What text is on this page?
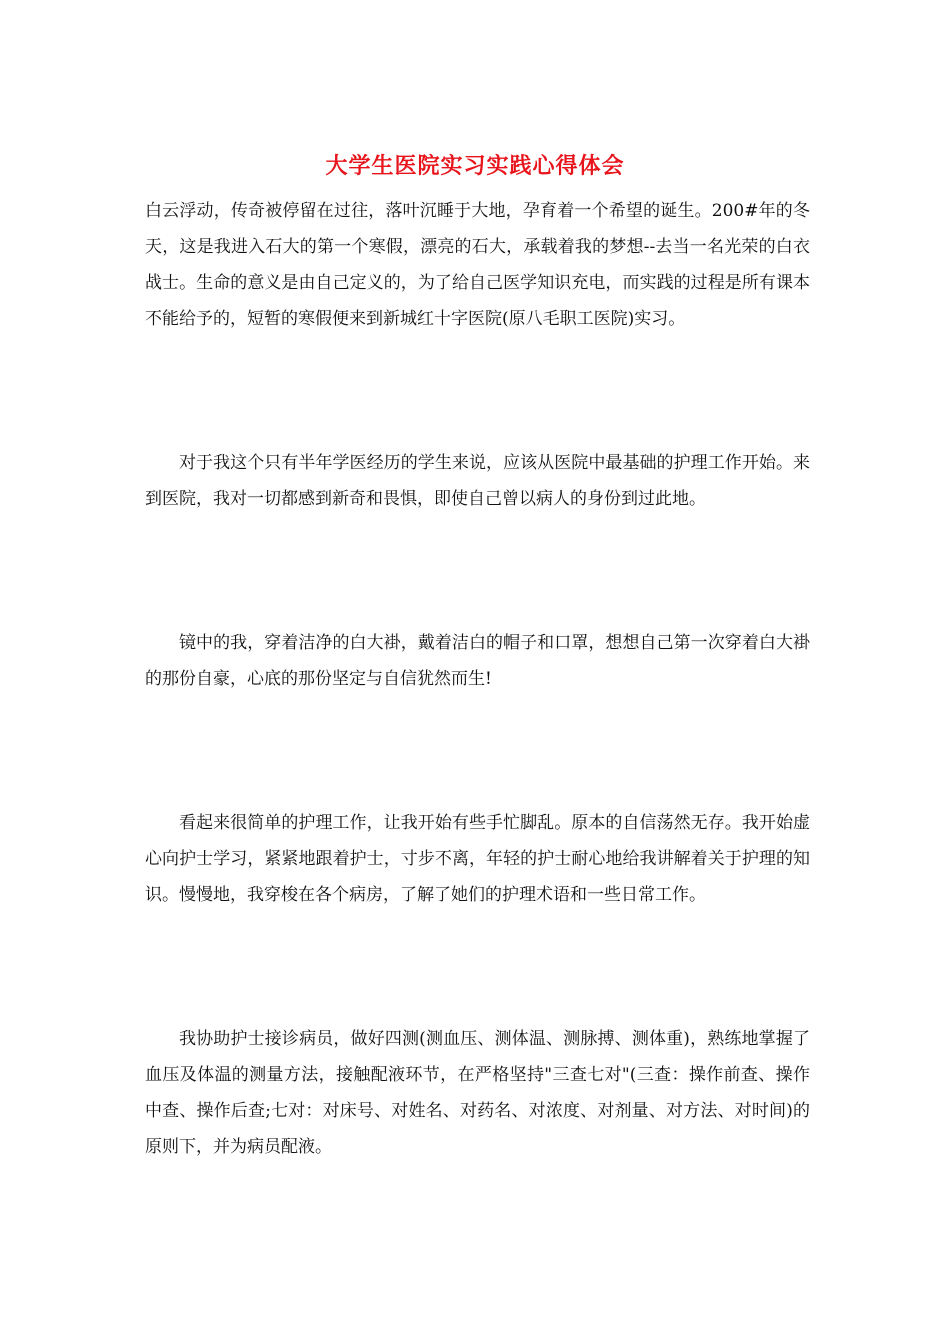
大学生医院实习实践心得体会

白云浮动，传奇被停留在过往，落叶沉睡于大地，孕育着一个希望的诞生。200#年的冬天，这是我进入石大的第一个寒假，漂亮的石大，承载着我的梦想--去当一名光荣的白衣战士。生命的意义是由自己定义的，为了给自己医学知识充电，而实践的过程是所有课本不能给予的，短暂的寒假便来到新城红十字医院(原八毛职工医院)实习。

对于我这个只有半年学医经历的学生来说，应该从医院中最基础的护理工作开始。来到医院，我对一切都感到新奇和畏惧，即使自己曾以病人的身份到过此地。

镜中的我，穿着洁净的白大褂，戴着洁白的帽子和口罩，想想自己第一次穿着白大褂的那份自豪，心底的那份坚定与自信犹然而生!

看起来很简单的护理工作，让我开始有些手忙脚乱。原本的自信荡然无存。我开始虚心向护士学习，紧紧地跟着护士，寸步不离，年轻的护士耐心地给我讲解着关于护理的知识。慢慢地，我穿梭在各个病房，了解了她们的护理术语和一些日常工作。

我协助护士接诊病员，做好四测(测血压、测体温、测脉搏、测体重)，熟练地掌握了血压及体温的测量方法，接触配液环节，在严格坚持"三查七对"(三查：操作前查、操作中查、操作后查;七对：对床号、对姓名、对药名、对浓度、对剂量、对方法、对时间)的原则下，并为病员配液。
